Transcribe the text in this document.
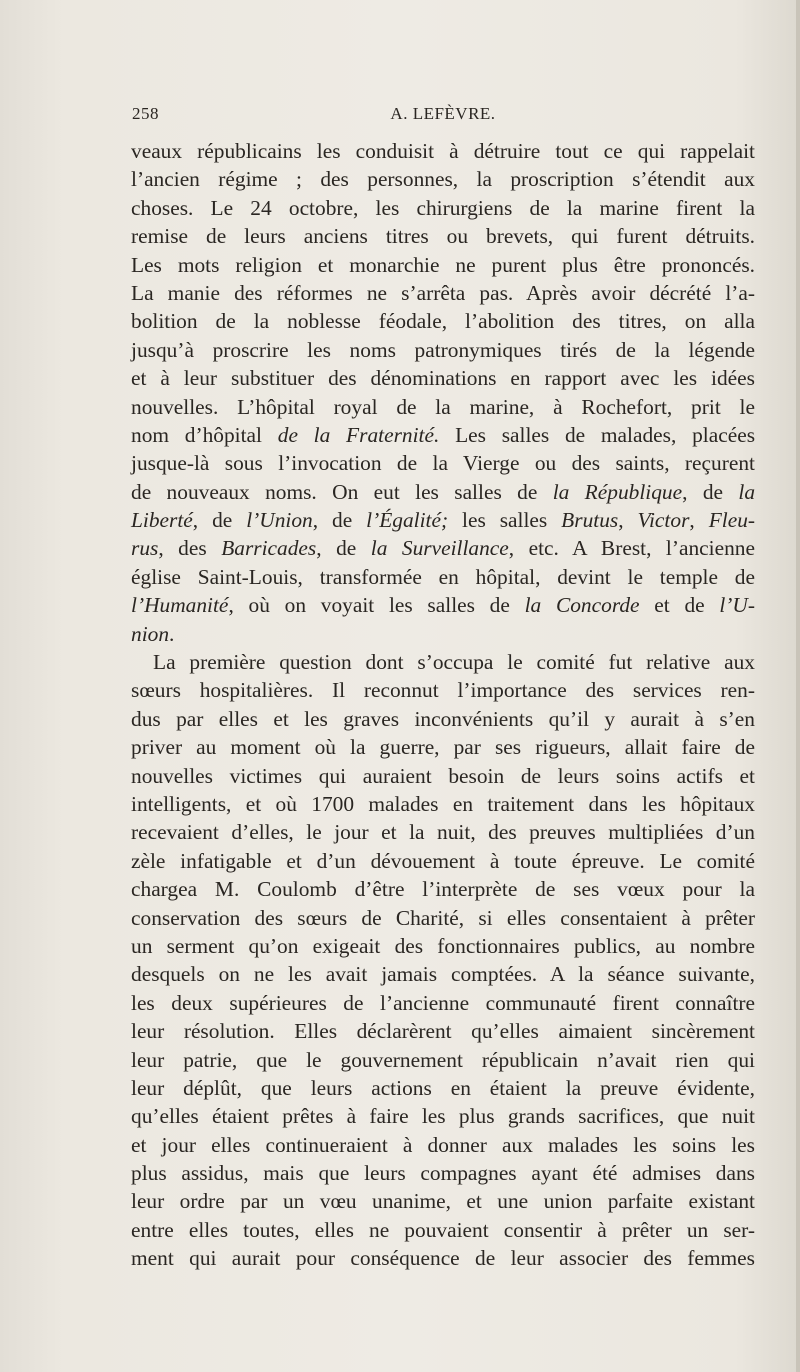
258	A. LEFÈVRE.
veaux républicains les conduisit à détruire tout ce qui rappelait
l’ancien régime ; des personnes, la proscription s’étendit aux
choses. Le 24 octobre, les chirurgiens de la marine firent la
remise de leurs anciens titres ou brevets, qui furent détruits.
Les mots religion et monarchie ne purent plus être prononcés.
La manie des réformes ne s’arrêta pas. Après avoir décrété l’a-
bolition de la noblesse féodale, l’abolition des titres, on alla
jusqu’à proscrire les noms patronymiques tirés de la légende
et à leur substituer des dénominations en rapport avec les idées
nouvelles. L’hôpital royal de la marine, à Rochefort, prit le
nom d’hôpital de la Fraternité. Les salles de malades, placées
jusque-là sous l’invocation de la Vierge ou des saints, reçurent
de nouveaux noms. On eut les salles de la République, de la
Liberté, de l’Union, de l’Égalité; les salles Brutus, Victor, Fleu-
rus, des Barricades, de la Surveillance, etc. A Brest, l’ancienne
église Saint-Louis, transformée en hôpital, devint le temple de
l’Humanité, où on voyait les salles de la Concorde et de l’U-
nion.
La première question dont s’occupa le comité fut relative aux
sœurs hospitalières. Il reconnut l’importance des services ren-
dus par elles et les graves inconvénients qu’il y aurait à s’en
priver au moment où la guerre, par ses rigueurs, allait faire de
nouvelles victimes qui auraient besoin de leurs soins actifs et
intelligents, et où 1700 malades en traitement dans les hôpitaux
recevaient d’elles, le jour et la nuit, des preuves multipliées d’un
zèle infatigable et d’un dévouement à toute épreuve. Le comité
chargea M. Coulomb d’être l’interprète de ses vœux pour la
conservation des sœurs de Charité, si elles consentaient à prêter
un serment qu’on exigeait des fonctionnaires publics, au nombre
desquels on ne les avait jamais comptées. A la séance suivante,
les deux supérieures de l’ancienne communauté firent connaître
leur résolution. Elles déclarèrent qu’elles aimaient sincèrement
leur patrie, que le gouvernement républicain n’avait rien qui
leur déplût, que leurs actions en étaient la preuve évidente,
qu’elles étaient prêtes à faire les plus grands sacrifices, que nuit
et jour elles continueraient à donner aux malades les soins les
plus assidus, mais que leurs compagnes ayant été admises dans
leur ordre par un vœu unanime, et une union parfaite existant
entre elles toutes, elles ne pouvaient consentir à prêter un ser-
ment qui aurait pour conséquence de leur associer des femmes
